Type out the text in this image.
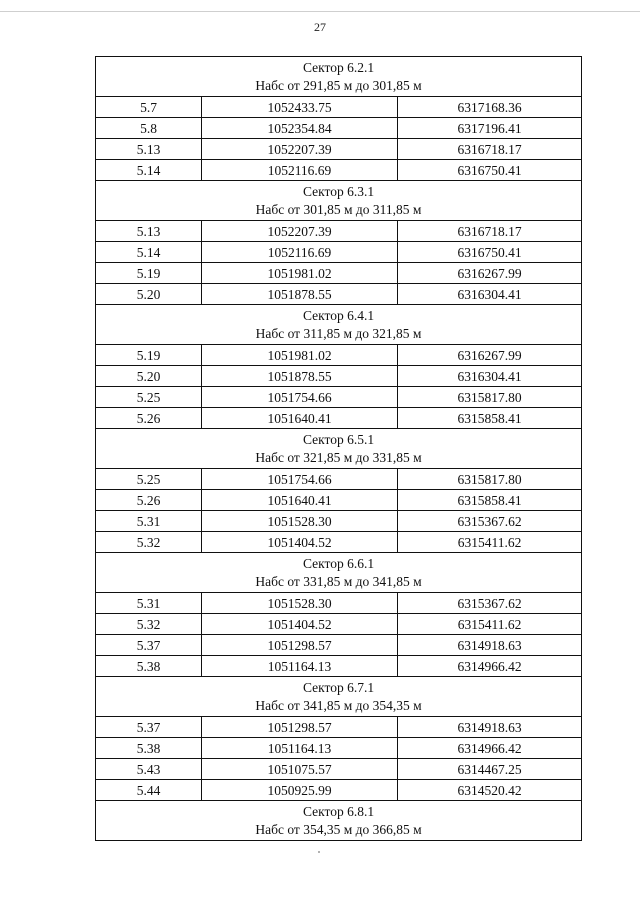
27
Сектор 6.2.1
Набс от 291,85 м до 301,85 м		

5.7	1052433.75	6317168.36
5.8	1052354.84	6317196.41
5.13	1052207.39	6316718.17
5.14	1052116.69	6316750.41

Сектор 6.3.1
Набс от 301,85 м до 311,85 м		

5.13	1052207.39	6316718.17
5.14	1052116.69	6316750.41
5.19	1051981.02	6316267.99
5.20	1051878.55	6316304.41

Сектор 6.4.1
Набс от 311,85 м до 321,85 м		

5.19	1051981.02	6316267.99
5.20	1051878.55	6316304.41
5.25	1051754.66	6315817.80
5.26	1051640.41	6315858.41

Сектор 6.5.1
Набс от 321,85 м до 331,85 м		

5.25	1051754.66	6315817.80
5.26	1051640.41	6315858.41
5.31	1051528.30	6315367.62
5.32	1051404.52	6315411.62

Сектор 6.6.1
Набс от 331,85 м до 341,85 м		

5.31	1051528.30	6315367.62
5.32	1051404.52	6315411.62
5.37	1051298.57	6314918.63
5.38	1051164.13	6314966.42

Сектор 6.7.1
Набс от 341,85 м до 354,35 м		

5.37	1051298.57	6314918.63
5.38	1051164.13	6314966.42
5.43	1051075.57	6314467.25
5.44	1050925.99	6314520.42

Сектор 6.8.1
Набс от 354,35 м до 366,85 м		
